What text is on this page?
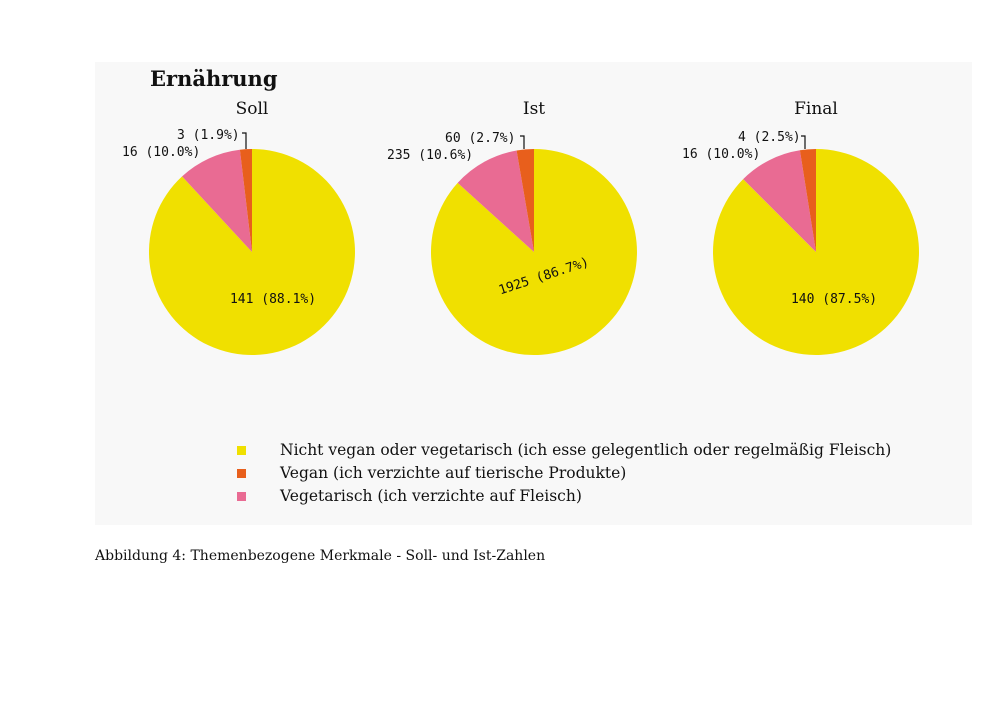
Ernährung
Soll
141 (88.1%)
3 (1.9%)
16 (10.0%)
Ist
1925 (86.7%)
60 (2.7%)
235 (10.6%)
Final
140 (87.5%)
4 (2.5%)
16 (10.0%)
Nicht vegan oder vegetarisch (ich esse gelegentlich oder regelmäßig Fleisch)
Vegan (ich verzichte auf tierische Produkte)
Vegetarisch (ich verzichte auf Fleisch)
Abbildung 4: Themenbezogene Merkmale - Soll- und Ist-Zahlen
